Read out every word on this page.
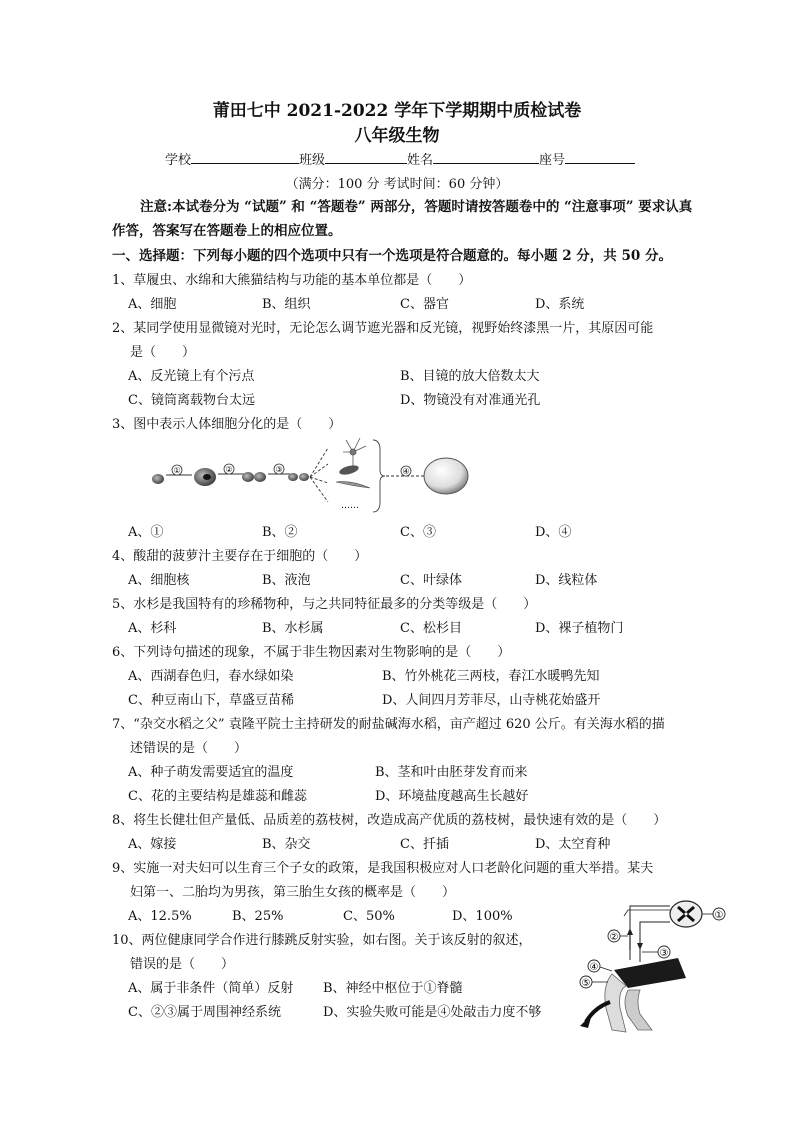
莆田七中 2021-2022 学年下学期期中质检试卷
八年级生物
学校	班级	姓名	座号
（满分：100 分 考试时间：60 分钟）
注意:本试卷分为 “试题” 和 “答题卷” 两部分，答题时请按答题卷中的 “注意事项” 要求认真作答，答案写在答题卷上的相应位置。
一、选择题：下列每小题的四个选项中只有一个选项是符合题意的。每小题 2 分，共 50 分。
1、草履虫、水绵和大熊猫结构与功能的基本单位都是（　　）
A、细胞	B、组织	C、器官	D、系统
2、某同学使用显微镜对光时，无论怎么调节遮光器和反光镜，视野始终漆黑一片，其原因可能
是（　　）
A、反光镜上有个污点	B、目镜的放大倍数太大
C、镜筒离载物台太远	D、物镜没有对准通光孔
3、图中表示人体细胞分化的是（　　）
①	②	③
……
④
A、①	B、②	C、③	D、④
4、酸甜的菠萝汁主要存在于细胞的（　　）
A、细胞核	B、液泡	C、叶绿体	D、线粒体
5、水杉是我国特有的珍稀物种，与之共同特征最多的分类等级是（　　）
A、杉科	B、水杉属	C、松杉目	D、裸子植物门
6、下列诗句描述的现象，不属于非生物因素对生物影响的是（　　）
A、西湖春色归，春水绿如染	B、竹外桃花三两枝，春江水暖鸭先知
C、种豆南山下，草盛豆苗稀	D、人间四月芳菲尽，山寺桃花始盛开
7、“杂交水稻之父” 袁隆平院士主持研发的耐盐碱海水稻，亩产超过 620 公斤。有关海水稻的描
述错误的是（　　）
A、种子萌发需要适宜的温度	B、茎和叶由胚芽发育而来
C、花的主要结构是雄蕊和雌蕊	D、环境盐度越高生长越好
8、将生长健壮但产量低、品质差的荔枝树，改造成高产优质的荔枝树，最快速有效的是（　　）
A、嫁接	B、杂交	C、扦插	D、太空育种
9、实施一对夫妇可以生育三个子女的政策，是我国积极应对人口老龄化问题的重大举措。某夫
妇第一、二胎均为男孩，第三胎生女孩的概率是（　　）
A、12.5%	B、25%	C、50%	D、100%
10、两位健康同学合作进行膝跳反射实验，如右图。关于该反射的叙述，
错误的是（　　）
A、属于非条件（简单）反射 B、神经中枢位于①脊髓
C、②③属于周围神经系统	D、实验失败可能是④处敲击力度不够
①
②
③
④
⑤
